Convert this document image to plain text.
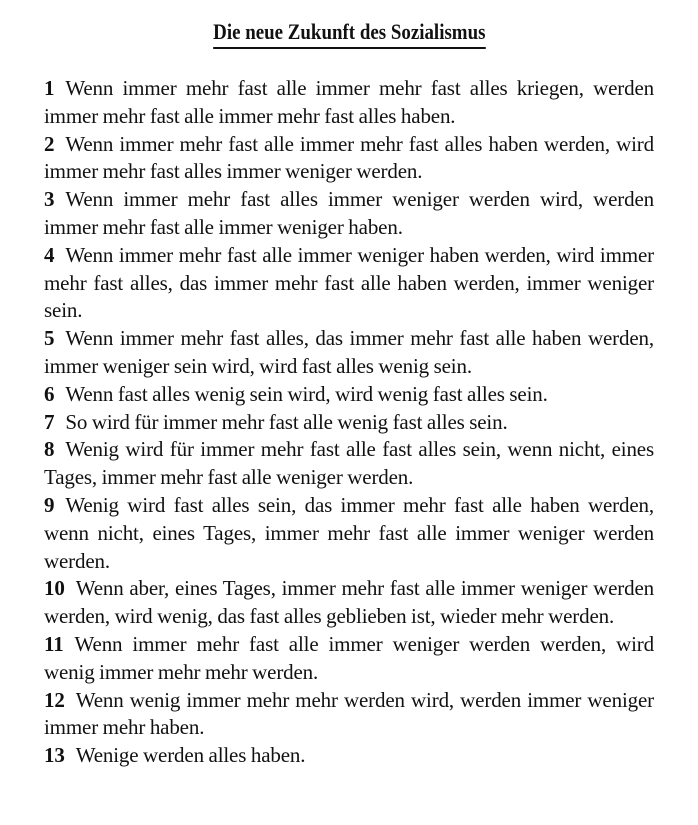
Die neue Zukunft des Sozialismus
1 Wenn immer mehr fast alle immer mehr fast alles kriegen, werden immer mehr fast alle immer mehr fast alles haben.
2 Wenn immer mehr fast alle immer mehr fast alles haben werden, wird immer mehr fast alles immer weniger werden.
3 Wenn immer mehr fast alles immer weniger werden wird, werden immer mehr fast alle immer weniger haben.
4 Wenn immer mehr fast alle immer weniger haben werden, wird immer mehr fast alles, das immer mehr fast alle haben werden, immer weniger sein.
5 Wenn immer mehr fast alles, das immer mehr fast alle haben werden, immer weniger sein wird, wird fast alles wenig sein.
6 Wenn fast alles wenig sein wird, wird wenig fast alles sein.
7 So wird für immer mehr fast alle wenig fast alles sein.
8 Wenig wird für immer mehr fast alle fast alles sein, wenn nicht, eines Tages, immer mehr fast alle weniger werden.
9 Wenig wird fast alles sein, das immer mehr fast alle haben werden, wenn nicht, eines Tages, immer mehr fast alle immer weniger werden werden.
10 Wenn aber, eines Tages, immer mehr fast alle immer weniger werden werden, wird wenig, das fast alles geblieben ist, wieder mehr werden.
11 Wenn immer mehr fast alle immer weniger werden werden, wird wenig immer mehr mehr werden.
12 Wenn wenig immer mehr mehr werden wird, werden immer weniger immer mehr haben.
13 Wenige werden alles haben.
